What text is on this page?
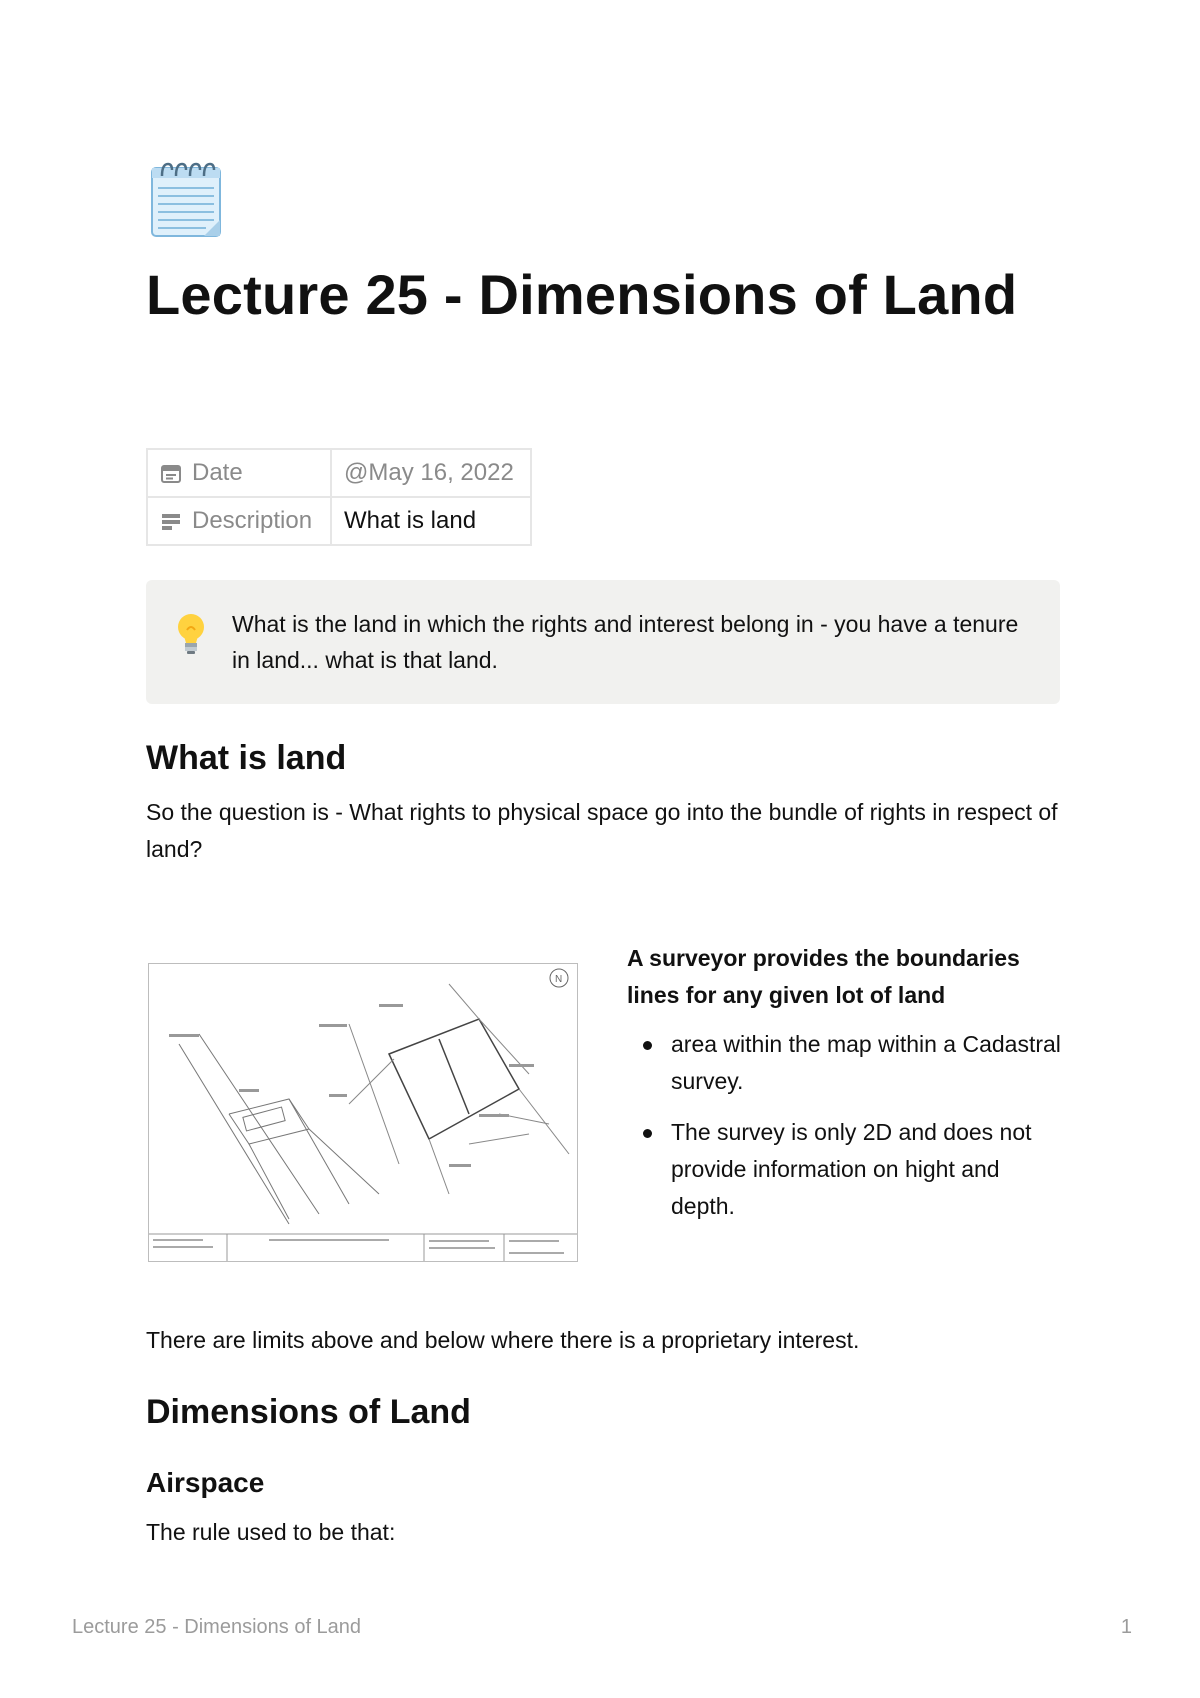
Lecture 25 - Dimensions of Land
Date	@May 16, 2022

Description	What is land

What is the land in which the rights and interest belong in - you have a tenure in land... what is that land.

What is land

So the question is - What rights to physical space go into the bundle of rights in respect of land?

N

A surveyor provides the boundaries lines for any given lot of land

area within the map within a Cadastral survey.
The survey is only 2D and does not provide information on hight and depth.

There are limits above and below where there is a proprietary interest.

Dimensions of Land
Airspace

The rule used to be that:

Lecture 25 - Dimensions of Land	1
